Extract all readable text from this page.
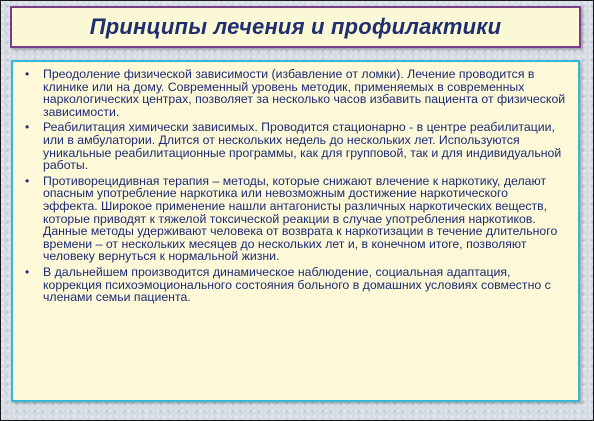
Принципы лечения и профилактики
• Преодоление физической зависимости (избавление от ломки). Лечение проводится в клинике или на дому. Современный уровень методик, применяемых в современных наркологических центрах, позволяет за несколько часов избавить пациента от физической зависимости.
• Реабилитация химически зависимых. Проводится стационарно - в центре реабилитации, или в амбулатории. Длится от нескольких недель до нескольких лет. Используются уникальные реабилитационные программы, как для групповой, так и для индивидуальной работы.
• Противорецидивная терапия – методы, которые снижают влечение к наркотику, делают опасным употребление наркотика или невозможным достижение наркотического эффекта. Широкое применение нашли антагонисты различных наркотических веществ, которые приводят к тяжелой токсической реакции в случае употребления наркотиков. Данные методы удерживают человека от возврата к наркотизации в течение длительного времени – от нескольких месяцев до нескольких лет и, в конечном итоге, позволяют человеку вернуться к нормальной жизни.
• В дальнейшем производится динамическое наблюдение, социальная адаптация, коррекция психоэмоционального состояния больного в домашних условиях совместно с членами семьи пациента.
